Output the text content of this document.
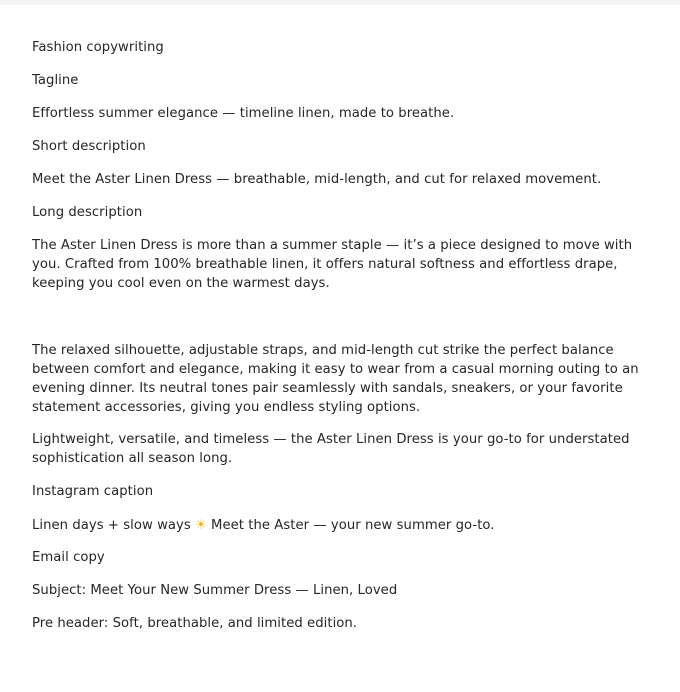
Fashion copywriting

Tagline

Effortless summer elegance — timeline linen, made to breathe.

Short description

Meet the Aster Linen Dress — breathable, mid-length, and cut for relaxed movement.

Long description

The Aster Linen Dress is more than a summer staple — it’s a piece designed to move with you. Crafted from 100% breathable linen, it offers natural softness and effortless drape, keeping you cool even on the warmest days.

The relaxed silhouette, adjustable straps, and mid-length cut strike the perfect balance between comfort and elegance, making it easy to wear from a casual morning outing to an evening dinner. Its neutral tones pair seamlessly with sandals, sneakers, or your favorite statement accessories, giving you endless styling options.

Lightweight, versatile, and timeless — the Aster Linen Dress is your go-to for understated sophistication all season long.

Instagram caption

Linen days + slow ways ☀ Meet the Aster — your new summer go-to.

Email copy

Subject: Meet Your New Summer Dress — Linen, Loved

Pre header: Soft, breathable, and limited edition.
